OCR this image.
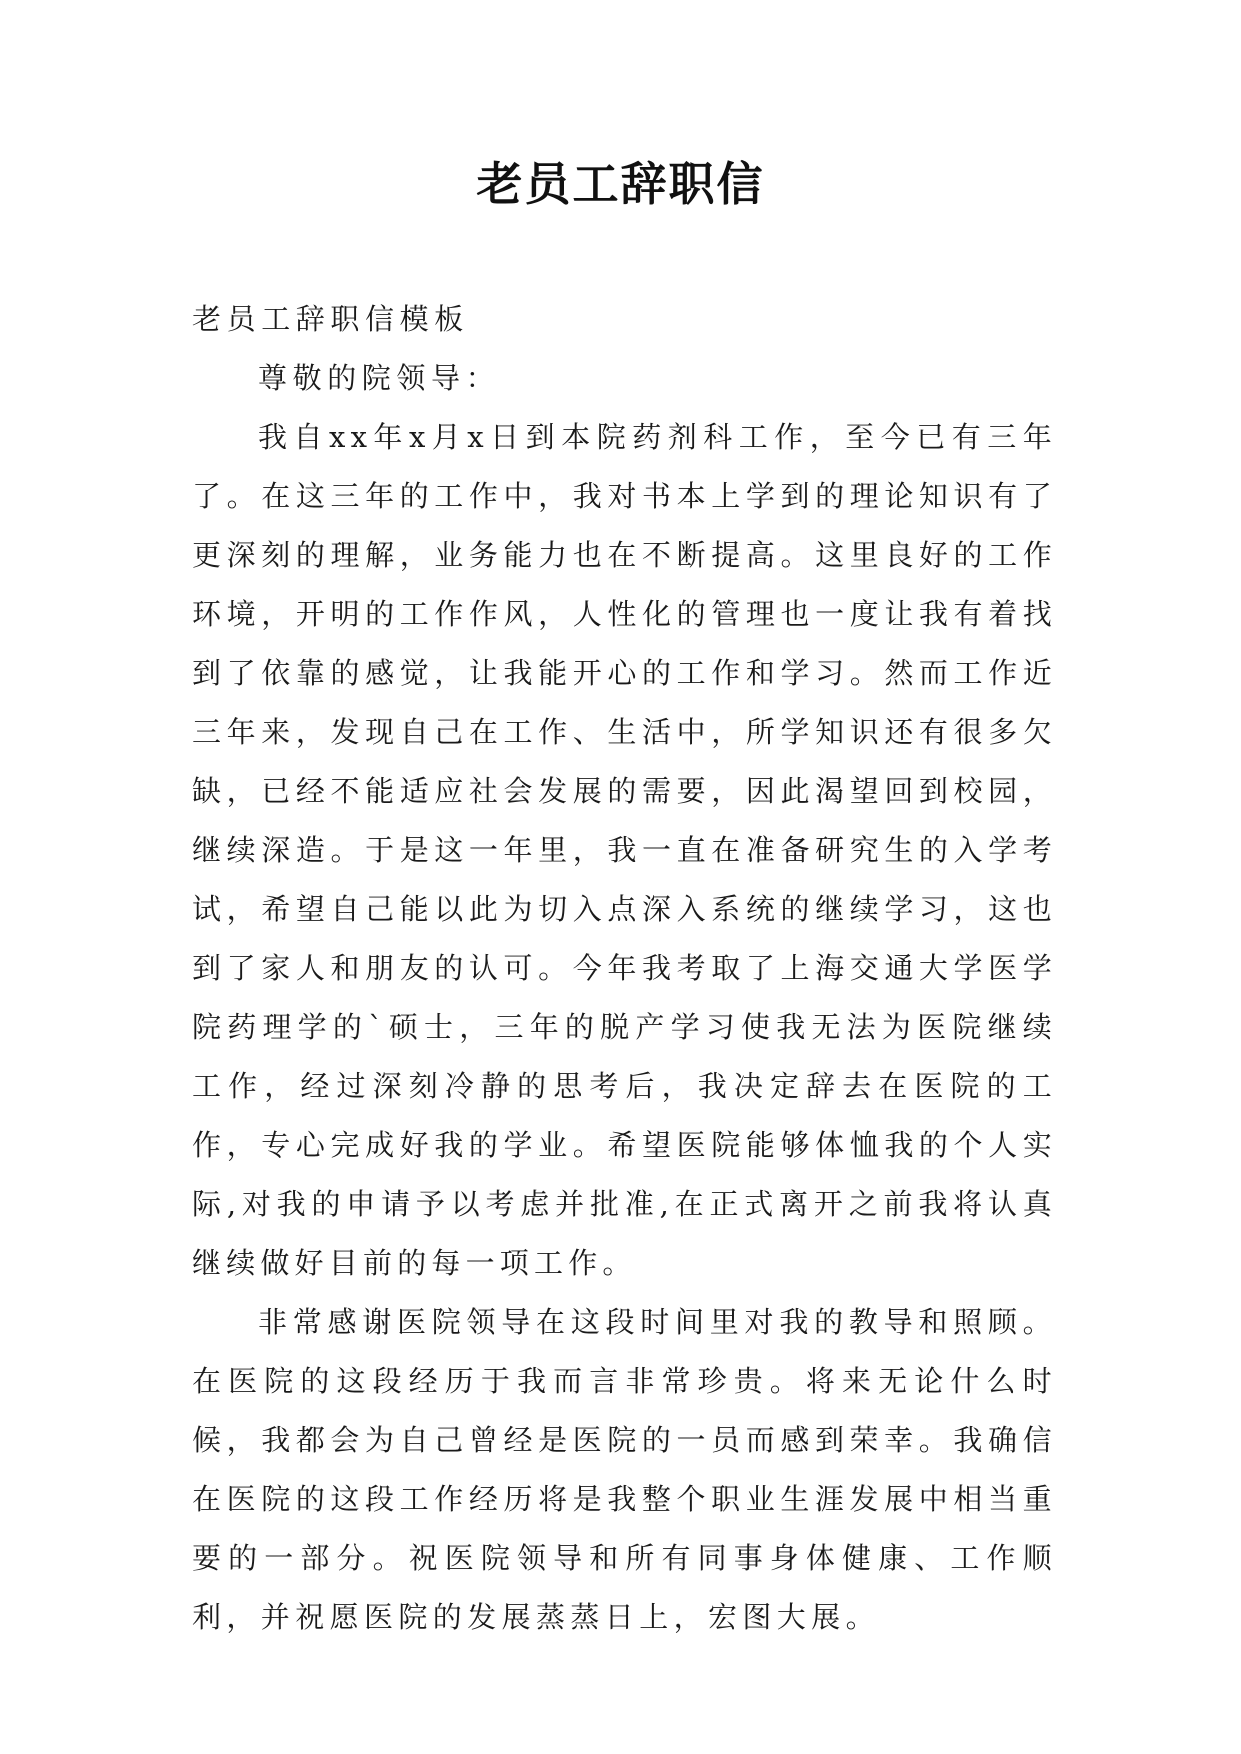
老员工辞职信

老员工辞职信模板

尊敬的院领导：

我自xx年x月x日到本院药剂科工作，至今已有三年了。在这三年的工作中，我对书本上学到的理论知识有了更深刻的理解，业务能力也在不断提高。这里良好的工作环境，开明的工作作风，人性化的管理也一度让我有着找到了依靠的感觉，让我能开心的工作和学习。然而工作近三年来，发现自己在工作、生活中，所学知识还有很多欠缺，已经不能适应社会发展的需要，因此渴望回到校园，继续深造。于是这一年里，我一直在准备研究生的入学考试，希望自己能以此为切入点深入系统的继续学习，这也到了家人和朋友的认可。今年我考取了上海交通大学医学院药理学的`硕士，三年的脱产学习使我无法为医院继续工作，经过深刻冷静的思考后，我决定辞去在医院的工作，专心完成好我的学业。希望医院能够体恤我的个人实际,对我的申请予以考虑并批准,在正式离开之前我将认真继续做好目前的每一项工作。

非常感谢医院领导在这段时间里对我的教导和照顾。在医院的这段经历于我而言非常珍贵。将来无论什么时候，我都会为自己曾经是医院的一员而感到荣幸。我确信在医院的这段工作经历将是我整个职业生涯发展中相当重要的一部分。祝医院领导和所有同事身体健康、工作顺利，并祝愿医院的发展蒸蒸日上，宏图大展。
